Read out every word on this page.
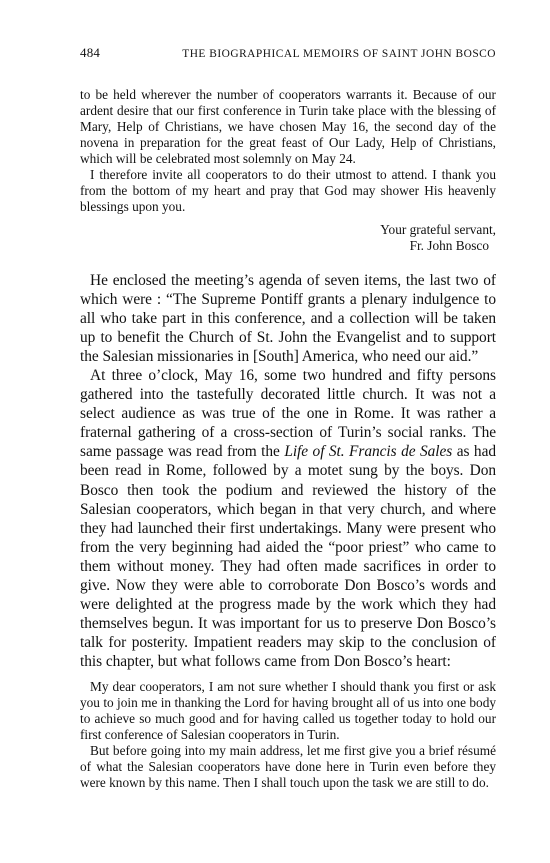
484	THE BIOGRAPHICAL MEMOIRS OF SAINT JOHN BOSCO

to be held wherever the number of cooperators warrants it. Because of our ardent desire that our first conference in Turin take place with the blessing of Mary, Help of Christians, we have chosen May 16, the second day of the novena in preparation for the great feast of Our Lady, Help of Christians, which will be celebrated most solemnly on May 24.

I therefore invite all cooperators to do their utmost to attend. I thank you from the bottom of my heart and pray that God may shower His heavenly blessings upon you.

Your grateful servant,
Fr. John Bosco

He enclosed the meeting’s agenda of seven items, the last two of which were : “The Supreme Pontiff grants a plenary indulgence to all who take part in this conference, and a collection will be taken up to benefit the Church of St. John the Evangelist and to support the Salesian missionaries in [South] America, who need our aid.”

At three o’clock, May 16, some two hundred and fifty persons gathered into the tastefully decorated little church. It was not a select audience as was true of the one in Rome. It was rather a fraternal gathering of a cross-section of Turin’s social ranks. The same passage was read from the Life of St. Francis de Sales as had been read in Rome, followed by a motet sung by the boys. Don Bosco then took the podium and reviewed the history of the Salesian cooperators, which began in that very church, and where they had launched their first undertakings. Many were present who from the very beginning had aided the “poor priest” who came to them without money. They had often made sacrifices in order to give. Now they were able to corroborate Don Bosco’s words and were delighted at the progress made by the work which they had themselves begun. It was important for us to preserve Don Bosco’s talk for posterity. Impatient readers may skip to the conclusion of this chapter, but what follows came from Don Bosco’s heart:

My dear cooperators, I am not sure whether I should thank you first or ask you to join me in thanking the Lord for having brought all of us into one body to achieve so much good and for having called us together today to hold our first conference of Salesian cooperators in Turin.

But before going into my main address, let me first give you a brief résumé of what the Salesian cooperators have done here in Turin even before they were known by this name. Then I shall touch upon the task we are still to do.
